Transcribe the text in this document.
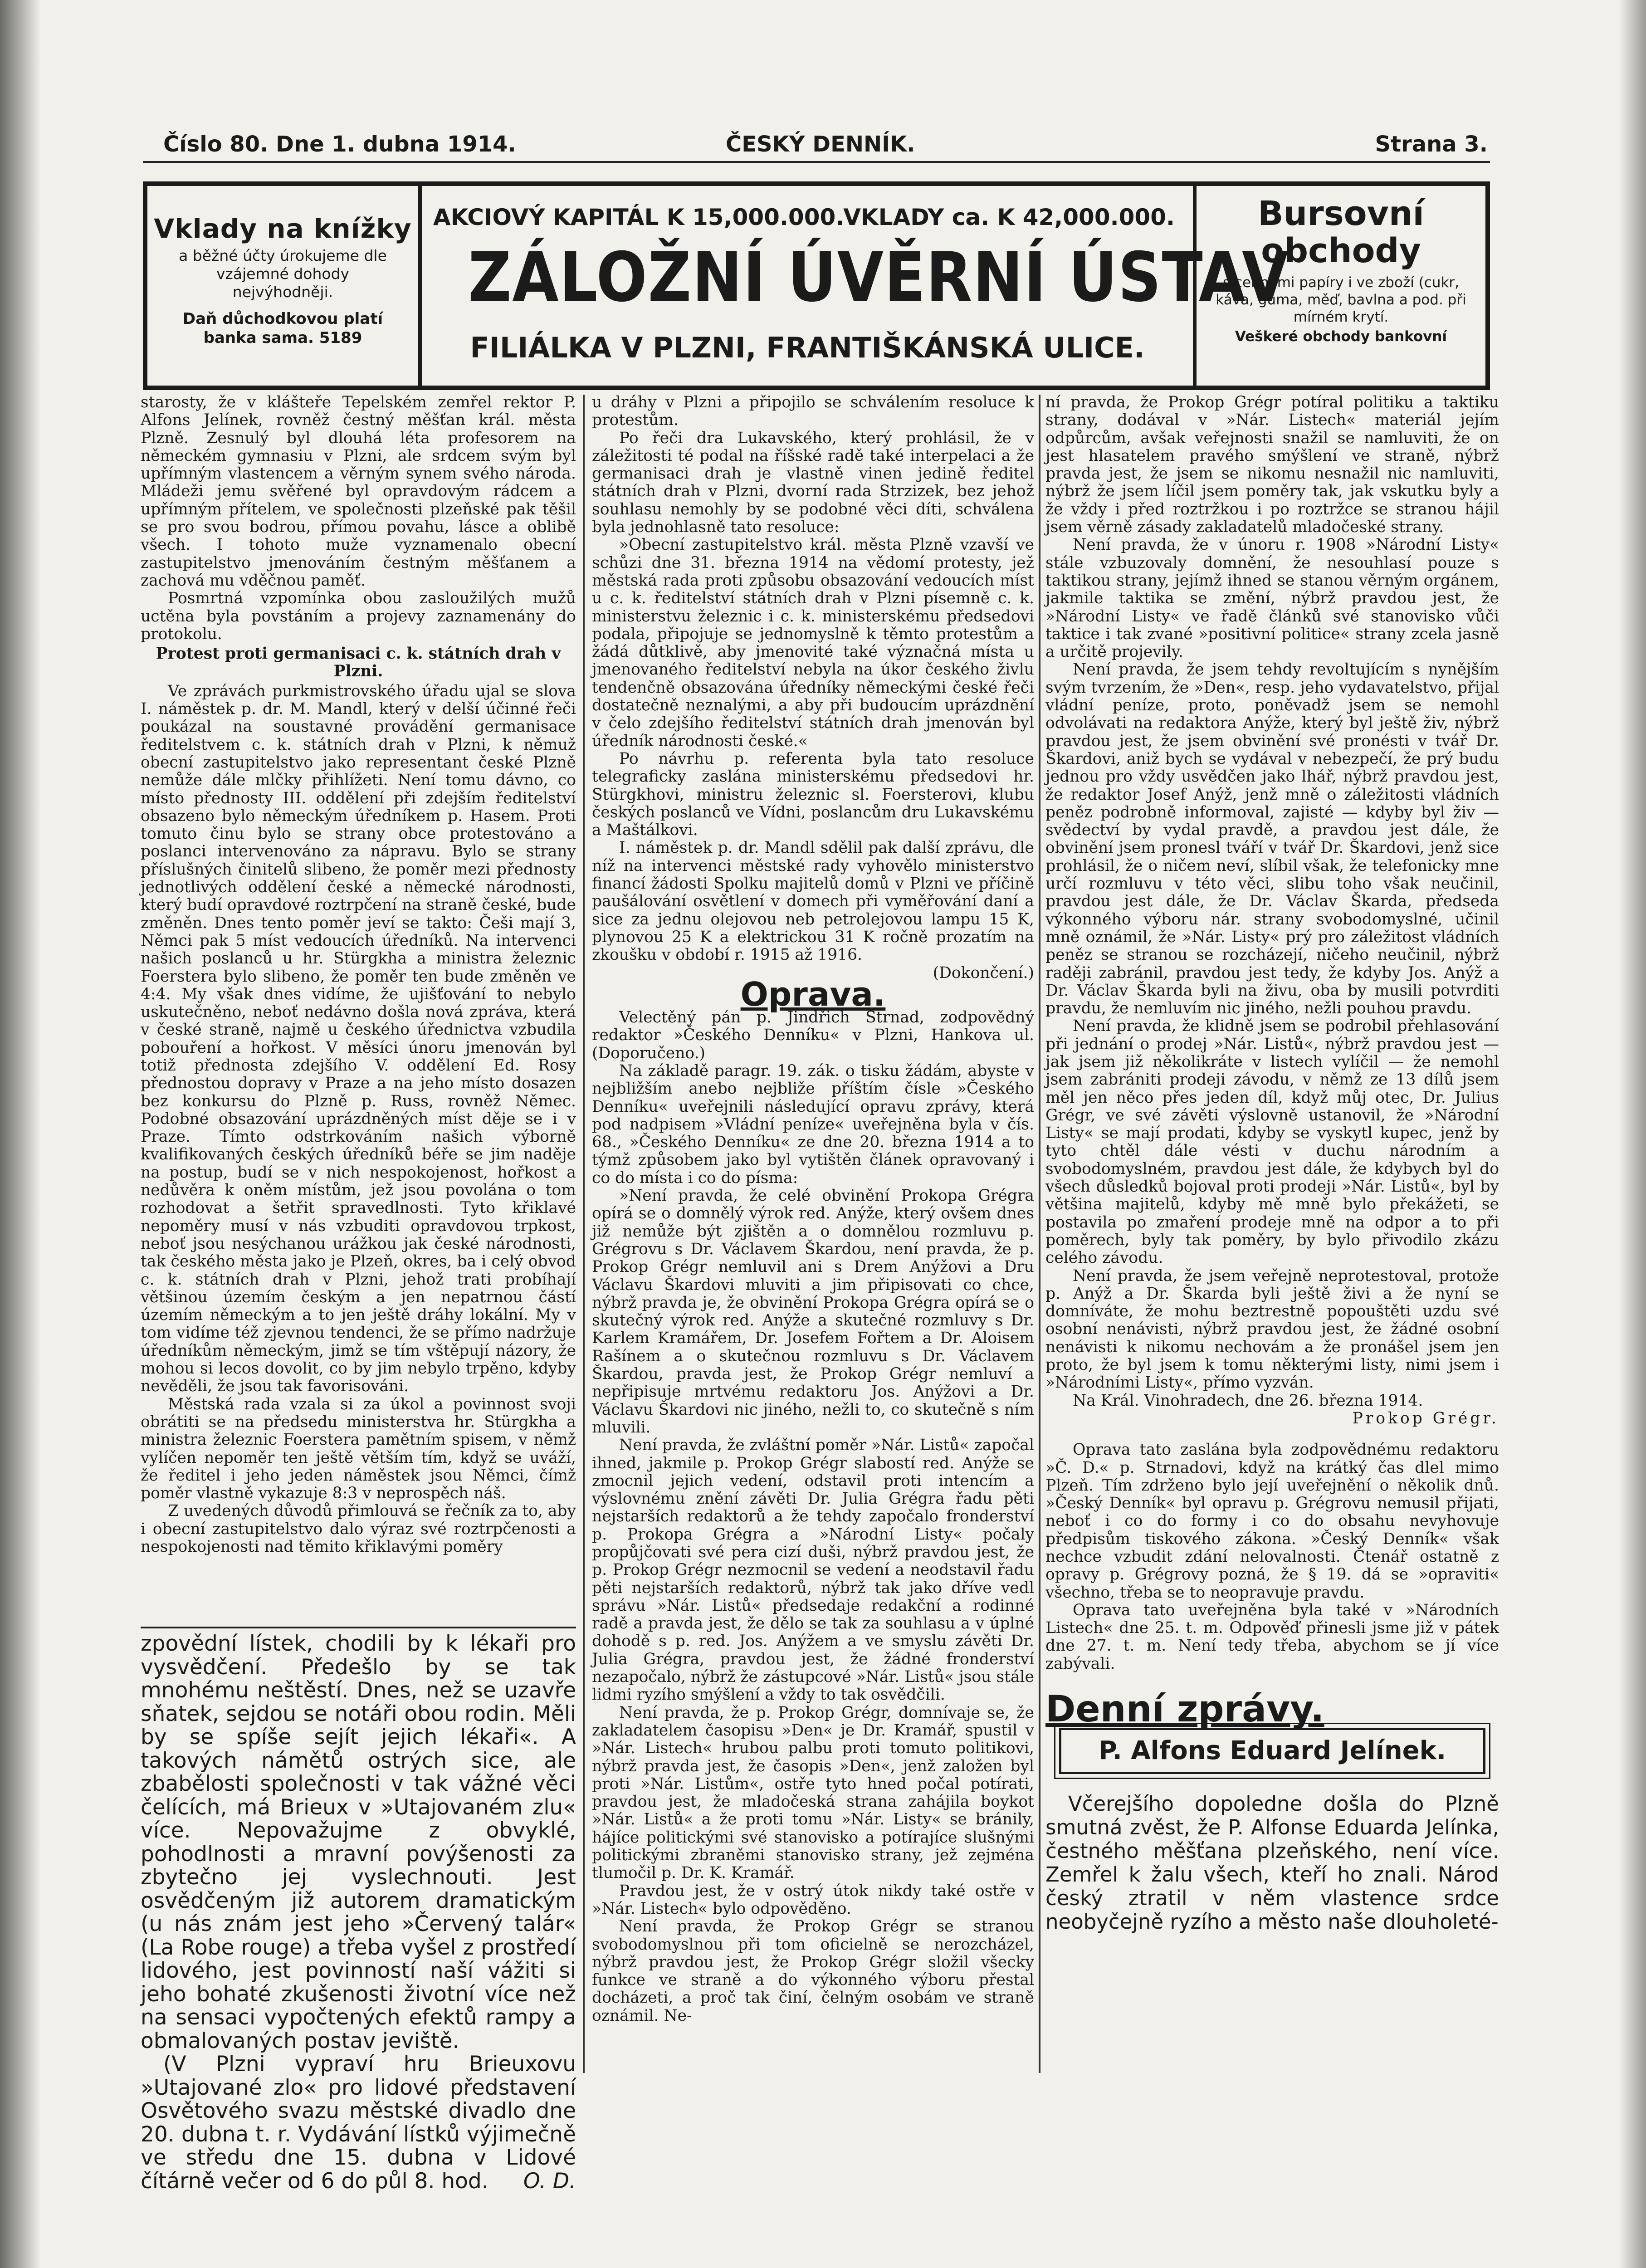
Číslo 80. Dne 1. dubna 1914.	ČESKÝ DENNÍK.	Strana 3.
Vklady na knížky
a běžné účty úrokujeme dle vzájemné dohody nejvýhodněji.
Daň důchodkovou platí banka sama. 5189
AKCIOVÝ KAPITÁL K 15,000.000.
VKLADY ca. K 42,000.000.
ZÁLOŽNÍ ÚVĚRNÍ ÚSTAV
FILIÁLKA V PLZNI, FRANTIŠKÁNSKÁ ULICE.
Bursovní obchody
s cennými papíry i ve zboží (cukr, káva, guma, měď, bavlna a pod. při mírném krytí.
Veškeré obchody bankovní

starosty, že v klášteře Tepelském zemřel rektor P. Alfons Jelínek, rovněž čestný měšťan král. města Plzně. Zesnulý byl dlouhá léta profesorem na německém gymnasiu v Plzni, ale srdcem svým byl upřímným vlastencem a věrným synem svého národa. Mládeži jemu svěřené byl opravdovým rádcem a upřímným přítelem, ve společnosti plzeňské pak těšil se pro svou bodrou, přímou povahu, lásce a oblibě všech. I tohoto muže vyznamenalo obecní zastupitelstvo jmenováním čestným měšťanem a zachová mu vděčnou paměť.

Posmrtná vzpomínka obou zasloužilých mužů uctěna byla povstáním a projevy zaznamenány do protokolu.

Protest proti germanisaci c. k. státních drah v Plzni.

Ve zprávách purkmistrovského úřadu ujal se slova I. náměstek p. dr. M. Mandl, který v delší účinné řeči poukázal na soustavné provádění germanisace ředitelstvem c. k. státních drah v Plzni, k němuž obecní zastupitelstvo jako representant české Plzně nemůže dále mlčky přihlížeti. Není tomu dávno, co místo přednosty III. oddělení při zdejším ředitelství obsazeno bylo německým úředníkem p. Hasem. Proti tomuto činu bylo se strany obce protestováno a poslanci intervenováno za nápravu. Bylo se strany příslušných činitelů slibeno, že poměr mezi přednosty jednotlivých oddělení české a německé národnosti, který budí opravdové roztrpčení na straně české, bude změněn. Dnes tento poměr jeví se takto: Češi mají 3, Němci pak 5 míst vedoucích úředníků. Na intervenci našich poslanců u hr. Stürgkha a ministra železnic Foerstera bylo slibeno, že poměr ten bude změněn ve 4:4. My však dnes vidíme, že ujišťování to nebylo uskutečněno, neboť nedávno došla nová zpráva, která v české straně, najmě u českého úřednictva vzbudila pobouření a hořkost. V měsíci únoru jmenován byl totiž přednosta zdejšího V. oddělení Ed. Rosy přednostou dopravy v Praze a na jeho místo dosazen bez konkursu do Plzně p. Russ, rovněž Němec. Podobné obsazování uprázdněných míst děje se i v Praze. Tímto odstrkováním našich výborně kvalifikovaných českých úředníků béře se jim naděje na postup, budí se v nich nespokojenost, hořkost a nedůvěra k oněm místům, jež jsou povolána o tom rozhodovat a šetřit spravedlnosti. Tyto křiklavé nepoměry musí v nás vzbuditi opravdovou trpkost, neboť jsou nesýchanou urážkou jak české národnosti, tak českého města jako je Plzeň, okres, ba i celý obvod c. k. státních drah v Plzni, jehož trati probíhají většinou územím českým a jen nepatrnou částí územím německým a to jen ještě dráhy lokální. My v tom vidíme též zjevnou tendenci, že se přímo nadržuje úředníkům německým, jimž se tím vštěpují názory, že mohou si lecos dovolit, co by jim nebylo trpěno, kdyby nevěděli, že jsou tak favorisováni.

Městská rada vzala si za úkol a povinnost svoji obrátiti se na předsedu ministerstva hr. Stürgkha a ministra železnic Foerstera pamětním spisem, v němž vylíčen nepoměr ten ještě větším tím, když se uváží, že ředitel i jeho jeden náměstek jsou Němci, čímž poměr vlastně vykazuje 8:3 v neprospěch náš.

Z uvedených důvodů přimlouvá se řečník za to, aby i obecní zastupitelstvo dalo výraz své roztrpčenosti a nespokojenosti nad těmito křiklavými poměry

zpovědní lístek, chodili by k lékaři pro vysvědčení. Předešlo by se tak mnohému neštěstí. Dnes, než se uzavře sňatek, sejdou se notáři obou rodin. Měli by se spíše sejít jejich lékaři«. A takových námětů ostrých sice, ale zbabělosti společnosti v tak vážné věci čelících, má Brieux v »Utajovaném zlu« více. Nepovažujme z obvyklé, pohodlnosti a mravní povýšenosti za zbytečno jej vyslechnouti. Jest osvědčeným již autorem dramatickým (u nás znám jest jeho »Červený talár« (La Robe rouge) a třeba vyšel z prostředí lidového, jest povinností naší vážiti si jeho bohaté zkušenosti životní více než na sensaci vypočtených efektů rampy a obmalovaných postav jeviště.

(V Plzni vypraví hru Brieuxovu »Utajované zlo« pro lidové představení Osvětového svazu městské divadlo dne 20. dubna t. r. Vydávání lístků výjimečně ve středu dne 15. dubna v Lidové čítárně večer od 6 do půl 8. hod.	O. D.

u dráhy v Plzni a připojilo se schválením resoluce k protestům.

Po řeči dra Lukavského, který prohlásil, že v záležitosti té podal na říšské radě také interpelaci a že germanisaci drah je vlastně vinen jedině ředitel státních drah v Plzni, dvorní rada Strzizek, bez jehož souhlasu nemohly by se podobné věci díti, schválena byla jednohlasně tato resoluce:

»Obecní zastupitelstvo král. města Plzně vzavší ve schůzi dne 31. března 1914 na vědomí protesty, jež městská rada proti způsobu obsazování vedoucích míst u c. k. ředitelství státních drah v Plzni písemně c. k. ministerstvu železnic i c. k. ministerskému předsedovi podala, připojuje se jednomyslně k těmto protestům a žádá důtklivě, aby jmenovité také význačná místa u jmenovaného ředitelství nebyla na úkor českého živlu tendenčně obsazována úředníky německými české řeči dostatečně neznalými, a aby při budoucím uprázdnění v čelo zdejšího ředitelství státních drah jmenován byl úředník národnosti české.«

Po návrhu p. referenta byla tato resoluce telegraficky zaslána ministerskému předsedovi hr. Stürgkhovi, ministru železnic sl. Foersterovi, klubu českých poslanců ve Vídni, poslancům dru Lukavskému a Maštálkovi.

I. náměstek p. dr. Mandl sdělil pak další zprávu, dle níž na intervenci městské rady vyhovělo ministerstvo financí žádosti Spolku majitelů domů v Plzni ve příčině paušálování osvětlení v domech při vyměřování daní a sice za jednu olejovou neb petrolejovou lampu 15 K, plynovou 25 K a elektrickou 31 K ročně prozatím na zkoušku v období r. 1915 až 1916.

(Dokončení.)

Oprava.

Velectěný pán p. Jindřich Strnad, zodpovědný redaktor »Českého Denníku« v Plzni, Hankova ul. (Doporučeno.)

Na základě paragr. 19. zák. o tisku žádám, abyste v nejbližším anebo nejbliže příštím čísle »Českého Denníku« uveřejnili následující opravu zprávy, která pod nadpisem »Vládní peníze« uveřejněna byla v čís. 68., »Českého Denníku« ze dne 20. března 1914 a to týmž způsobem jako byl vytištěn článek opravovaný i co do místa i co do písma:

»Není pravda, že celé obvinění Prokopa Grégra opírá se o domnělý výrok red. Anýže, který ovšem dnes již nemůže být zjištěn a o domnělou rozmluvu p. Grégrovu s Dr. Václavem Škardou, není pravda, že p. Prokop Grégr nemluvil ani s Drem Anýžovi a Dru Václavu Škardovi mluviti a jim připisovati co chce, nýbrž pravda je, že obvinění Prokopa Grégra opírá se o skutečný výrok red. Anýže a skutečné rozmluvy s Dr. Karlem Kramářem, Dr. Josefem Fořtem a Dr. Aloisem Rašínem a o skutečnou rozmluvu s Dr. Václavem Škardou, pravda jest, že Prokop Grégr nemluví a nepřipisuje mrtvému redaktoru Jos. Anýžovi a Dr. Václavu Škardovi nic jiného, nežli to, co skutečně s ním mluvili.

Není pravda, že zvláštní poměr »Nár. Listů« započal ihned, jakmile p. Prokop Grégr slabostí red. Anýže se zmocnil jejich vedení, odstavil proti intencím a výslovnému znění závěti Dr. Julia Grégra řadu pěti nejstarších redaktorů a že tehdy započalo fronderství p. Prokopa Grégra a »Národní Listy« počaly propůjčovati své pera cizí duši, nýbrž pravdou jest, že p. Prokop Grégr nezmocnil se vedení a neodstavil řadu pěti nejstarších redaktorů, nýbrž tak jako dříve vedl správu »Nár. Listů« předsedaje redakční a rodinné radě a pravda jest, že dělo se tak za souhlasu a v úplné dohodě s p. red. Jos. Anýžem a ve smyslu závěti Dr. Julia Grégra, pravdou jest, že žádné fronderství nezapočalo, nýbrž že zástupcové »Nár. Listů« jsou stále lidmi ryzího smýšlení a vždy to tak osvědčili.

Není pravda, že p. Prokop Grégr, domnívaje se, že zakladatelem časopisu »Den« je Dr. Kramář, spustil v »Nár. Listech« hrubou palbu proti tomuto politikovi, nýbrž pravda jest, že časopis »Den«, jenž založen byl proti »Nár. Listům«, ostře tyto hned počal potírati, pravdou jest, že mladočeská strana zahájila boykot »Nár. Listů« a že proti tomu »Nár. Listy« se bránily, hájíce politickými své stanovisko a potírajíce slušnými politickými zbraněmi stanovisko strany, jež zejména tlumočil p. Dr. K. Kramář.

Pravdou jest, že v ostrý útok nikdy také ostře v »Nár. Listech« bylo odpověděno.

Není pravda, že Prokop Grégr se stranou svobodomyslnou při tom oficielně se nerozcházel, nýbrž pravdou jest, že Prokop Grégr složil všecky funkce ve straně a do výkonného výboru přestal docházeti, a proč tak činí, čelným osobám ve straně oznámil. Ne-

ní pravda, že Prokop Grégr potíral politiku a taktiku strany, dodával v »Nár. Listech« materiál jejím odpůrcům, avšak veřejnosti snažil se namluviti, že on jest hlasatelem pravého smýšlení ve straně, nýbrž pravda jest, že jsem se nikomu nesnažil nic namluviti, nýbrž že jsem líčil jsem poměry tak, jak vskutku byly a že vždy i před roztržkou i po roztržce se stranou hájil jsem věrně zásady zakladatelů mladočeské strany.

Není pravda, že v únoru r. 1908 »Národní Listy« stále vzbuzovaly domnění, že nesouhlasí pouze s taktikou strany, jejímž ihned se stanou věrným orgánem, jakmile taktika se změní, nýbrž pravdou jest, že »Národní Listy« ve řadě článků své stanovisko vůči taktice i tak zvané »positivní politice« strany zcela jasně a určitě projevily.

Není pravda, že jsem tehdy revoltujícím s nynějším svým tvrzením, že »Den«, resp. jeho vydavatelstvo, přijal vládní peníze, proto, poněvadž jsem se nemohl odvolávati na redaktora Anýže, který byl ještě živ, nýbrž pravdou jest, že jsem obvinění své pronésti v tvář Dr. Škardovi, aniž bych se vydával v nebezpečí, že prý budu jednou pro vždy usvědčen jako lhář, nýbrž pravdou jest, že redaktor Josef Anýž, jenž mně o záležitosti vládních peněz podrobně informoval, zajisté — kdyby byl živ — svědectví by vydal pravdě, a pravdou jest dále, že obvinění jsem pronesl tváří v tvář Dr. Škardovi, jenž sice prohlásil, že o ničem neví, slíbil však, že telefonicky mne určí rozmluvu v této věci, slibu toho však neučinil, pravdou jest dále, že Dr. Václav Škarda, předseda výkonného výboru nár. strany svobodomyslné, učinil mně oznámil, že »Nár. Listy« prý pro záležitost vládních peněz se stranou se rozcházejí, ničeho neučinil, nýbrž raději zabránil, pravdou jest tedy, že kdyby Jos. Anýž a Dr. Václav Škarda byli na živu, oba by musili potvrditi pravdu, že nemluvím nic jiného, nežli pouhou pravdu.

Není pravda, že klidně jsem se podrobil přehlasování při jednání o prodej »Nár. Listů«, nýbrž pravdou jest — jak jsem již několikráte v listech vylíčil — že nemohl jsem zabrániti prodeji závodu, v němž ze 13 dílů jsem měl jen něco přes jeden díl, když můj otec, Dr. Julius Grégr, ve své závěti výslovně ustanovil, že »Národní Listy« se mají prodati, kdyby se vyskytl kupec, jenž by tyto chtěl dále vésti v duchu národním a svobodomyslném, pravdou jest dále, že kdybych byl do všech důsledků bojoval proti prodeji »Nár. Listů«, byl by většina majitelů, kdyby mě mně bylo překážeti, se postavila po zmaření prodeje mně na odpor a to při poměrech, byly tak poměry, by bylo přivodilo zkázu celého závodu.

Není pravda, že jsem veřejně neprotestoval, protože p. Anýž a Dr. Škarda byli ještě živi a že nyní se domníváte, že mohu beztrestně popouštěti uzdu své osobní nenávisti, nýbrž pravdou jest, že žádné osobní nenávisti k nikomu nechovám a že pronášel jsem jen proto, že byl jsem k tomu některými listy, nimi jsem i »Národními Listy«, přímo vyzván.

Na Král. Vinohradech, dne 26. března 1914.

Prokop Grégr.

Oprava tato zaslána byla zodpovědnému redaktoru »Č. D.« p. Strnadovi, když na krátký čas dlel mimo Plzeň. Tím zdrženo bylo její uveřejnění o několik dnů. »Český Denník« byl opravu p. Grégrovu nemusil přijati, neboť i co do formy i co do obsahu nevyhovuje předpisům tiskového zákona. »Český Denník« však nechce vzbudit zdání nelovalnosti. Čtenář ostatně z opravy p. Grégrovy pozná, že § 19. dá se »opraviti« všechno, třeba se to neopravuje pravdu.

Oprava tato uveřejněna byla také v »Národních Listech« dne 25. t. m. Odpověď přinesli jsme již v pátek dne 27. t. m. Není tedy třeba, abychom se jí více zabývali.

Denní zprávy.
P. Alfons Eduard Jelínek.

Včerejšího dopoledne došla do Plzně smutná zvěst, že P. Alfonse Eduarda Jelínka, čestného měšťana plzeňského, není více. Zemřel k žalu všech, kteří ho znali. Národ český ztratil v něm vlastence srdce neobyčejně ryzího a město naše dlouholeté-
